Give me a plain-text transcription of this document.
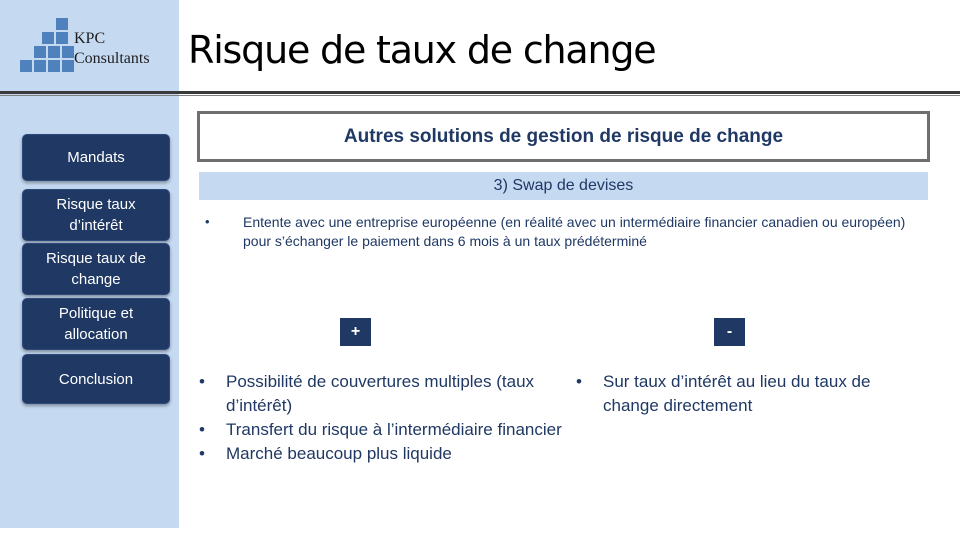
KPC
Consultants Risque de taux de change
Mandats
Risque taux d’intérêt
Risque taux de change
Politique et allocation
Conclusion
Autres solutions de gestion de risque de change
3) Swap de devises
• Entente avec une entreprise européenne (en réalité avec un intermédiaire financier canadien ou européen) pour s’échanger le paiement dans 6 mois à un taux prédéterminé
+	-
• Possibilité de couvertures multiples (taux d’intérêt)
• Transfert du risque à l’intermédiaire financier
• Marché beaucoup plus liquide
• Sur taux d’intérêt au lieu du taux de change directement
